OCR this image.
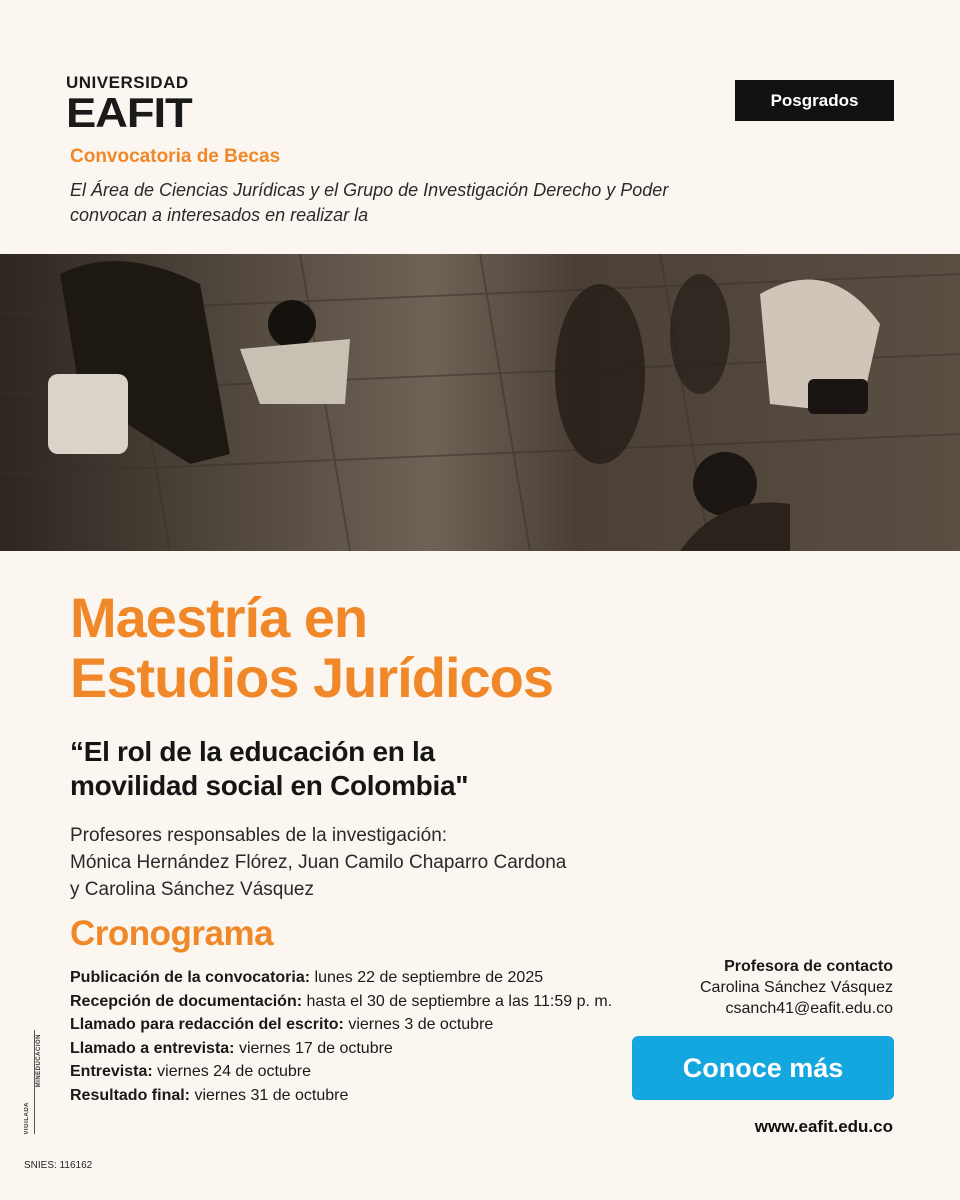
UNIVERSIDAD
EAFIT	Posgrados
Convocatoria de Becas
El Área de Ciencias Jurídicas y el Grupo de Investigación Derecho y Poder convocan a interesados en realizar la
Maestría en
Estudios Jurídicos
“El rol de la educación en la
movilidad social en Colombia"
Profesores responsables de la investigación:
Mónica Hernández Flórez, Juan Camilo Chaparro Cardona
y Carolina Sánchez Vásquez
Cronograma
Publicación de la convocatoria: lunes 22 de septiembre de 2025
Recepción de documentación: hasta el 30 de septiembre a las 11:59 p. m.
Llamado para redacción del escrito: viernes 3 de octubre
Llamado a entrevista: viernes 17 de octubre
Entrevista: viernes 24 de octubre
Resultado final: viernes 31 de octubre
Profesora de contacto
Carolina Sánchez Vásquez
csanch41@eafit.edu.co
Conoce más
www.eafit.edu.co
VIGILADA
MINEDUCACIÓN
SNIES: 116162
